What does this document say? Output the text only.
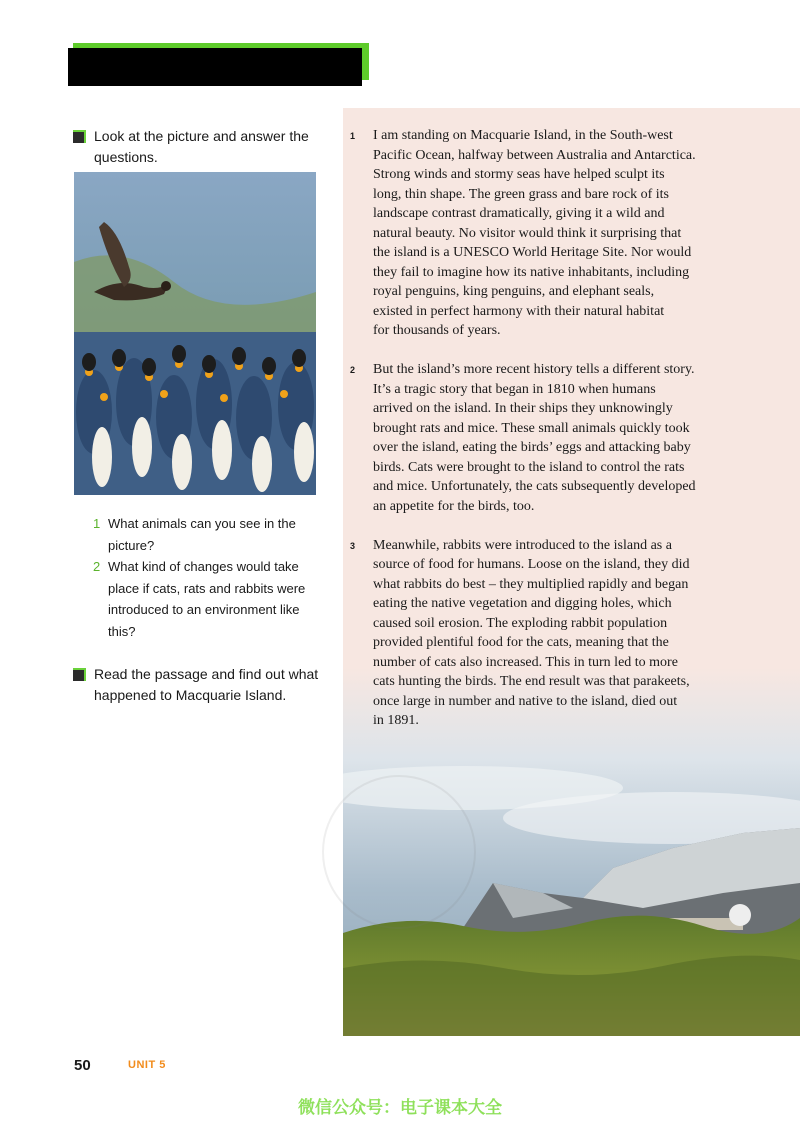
Look at the picture and answer the questions.
1 What animals can you see in the picture?
2 What kind of changes would take place if cats, rats and rabbits were introduced to an environment like this?
Read the passage and find out what happened to Macquarie Island.
1 I am standing on Macquarie Island, in the South-west
Pacific Ocean, halfway between Australia and Antarctica.
Strong winds and stormy seas have helped sculpt its
long, thin shape. The green grass and bare rock of its
landscape contrast dramatically, giving it a wild and
natural beauty. No visitor would think it surprising that
the island is a UNESCO World Heritage Site. Nor would
they fail to imagine how its native inhabitants, including
royal penguins, king penguins, and elephant seals,
existed in perfect harmony with their natural habitat
for thousands of years.
2 But the island’s more recent history tells a different story.
It’s a tragic story that began in 1810 when humans
arrived on the island. In their ships they unknowingly
brought rats and mice. These small animals quickly took
over the island, eating the birds’ eggs and attacking baby
birds. Cats were brought to the island to control the rats
and mice. Unfortunately, the cats subsequently developed
an appetite for the birds, too.
3 Meanwhile, rabbits were introduced to the island as a
source of food for humans. Loose on the island, they did
what rabbits do best – they multiplied rapidly and began
eating the native vegetation and digging holes, which
caused soil erosion. The exploding rabbit population
provided plentiful food for the cats, meaning that the
number of cats also increased. This in turn led to more
cats hunting the birds. The end result was that parakeets,
once large in number and native to the island, died out
in 1891.
50	UNIT 5
微信公众号：电子课本大全
